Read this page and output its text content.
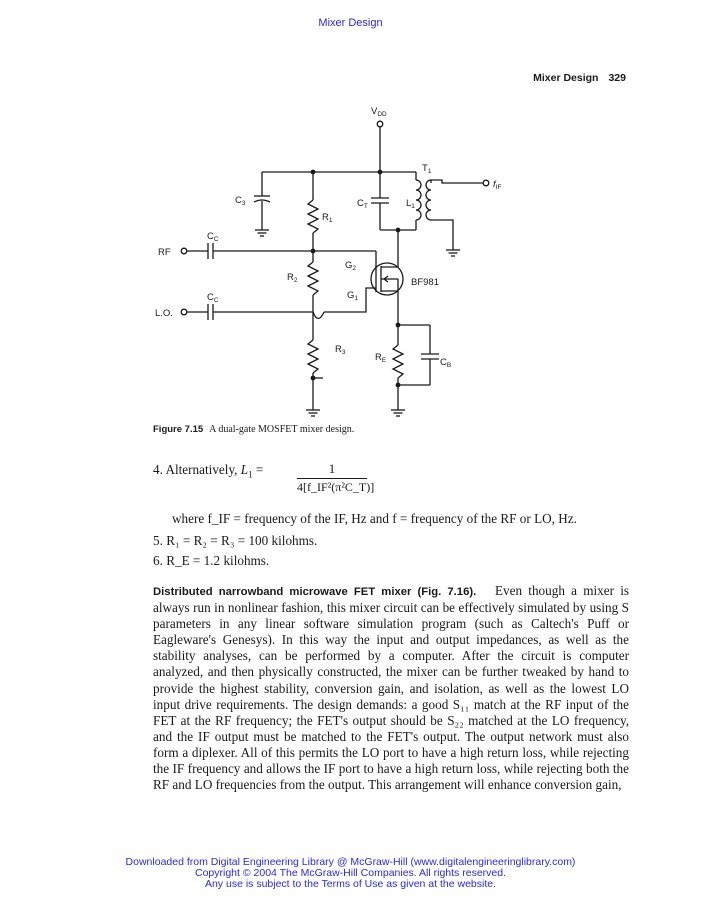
Mixer Design
Mixer Design 329
$V_{DD}$
$T_1$
$f_{IF}$
$C_3$	$C_T$	$L_1$
$R_1$
$C_C$
RF
$G_2$
$R_2$	BF981
$G_1$
$C_C$
L.O.
$R_3$	$R_E$	$C_B$
Figure 7.15 A dual-gate MOSFET mixer design.
4. Alternatively, $L_1$ =	$\frac{1}{\text{4[f\_IF²(π²C\_T)]}}$
where f_IF = frequency of the IF, Hz and f = frequency of the RF or LO, Hz.
5. R₁ = R₂ = R₃ = 100 kilohms.
6. R_E = 1.2 kilohms.
Distributed narrowband microwave FET mixer (Fig. 7.16). Even though a mixer is always run in nonlinear fashion, this mixer circuit can be effectively simulated by using S parameters in any linear software simulation program (such as Caltech's Puff or Eagleware's Genesys). In this way the input and output impedances, as well as the stability analyses, can be performed by a computer. After the circuit is computer analyzed, and then physically constructed, the mixer can be further tweaked by hand to provide the highest stability, conversion gain, and isolation, as well as the lowest LO input drive requirements. The design demands: a good S₁₁ match at the RF input of the FET at the RF frequency; the FET's output should be S₂₂ matched at the LO frequency, and the IF output must be matched to the FET's output. The output network must also form a diplexer. All of this permits the LO port to have a high return loss, while rejecting the IF frequency and allows the IF port to have a high return loss, while rejecting both the RF and LO frequencies from the output. This arrangement will enhance conversion gain,
Downloaded from Digital Engineering Library @ McGraw-Hill (www.digitalengineeringlibrary.com)
Copyright © 2004 The McGraw-Hill Companies. All rights reserved.
Any use is subject to the Terms of Use as given at the website.
